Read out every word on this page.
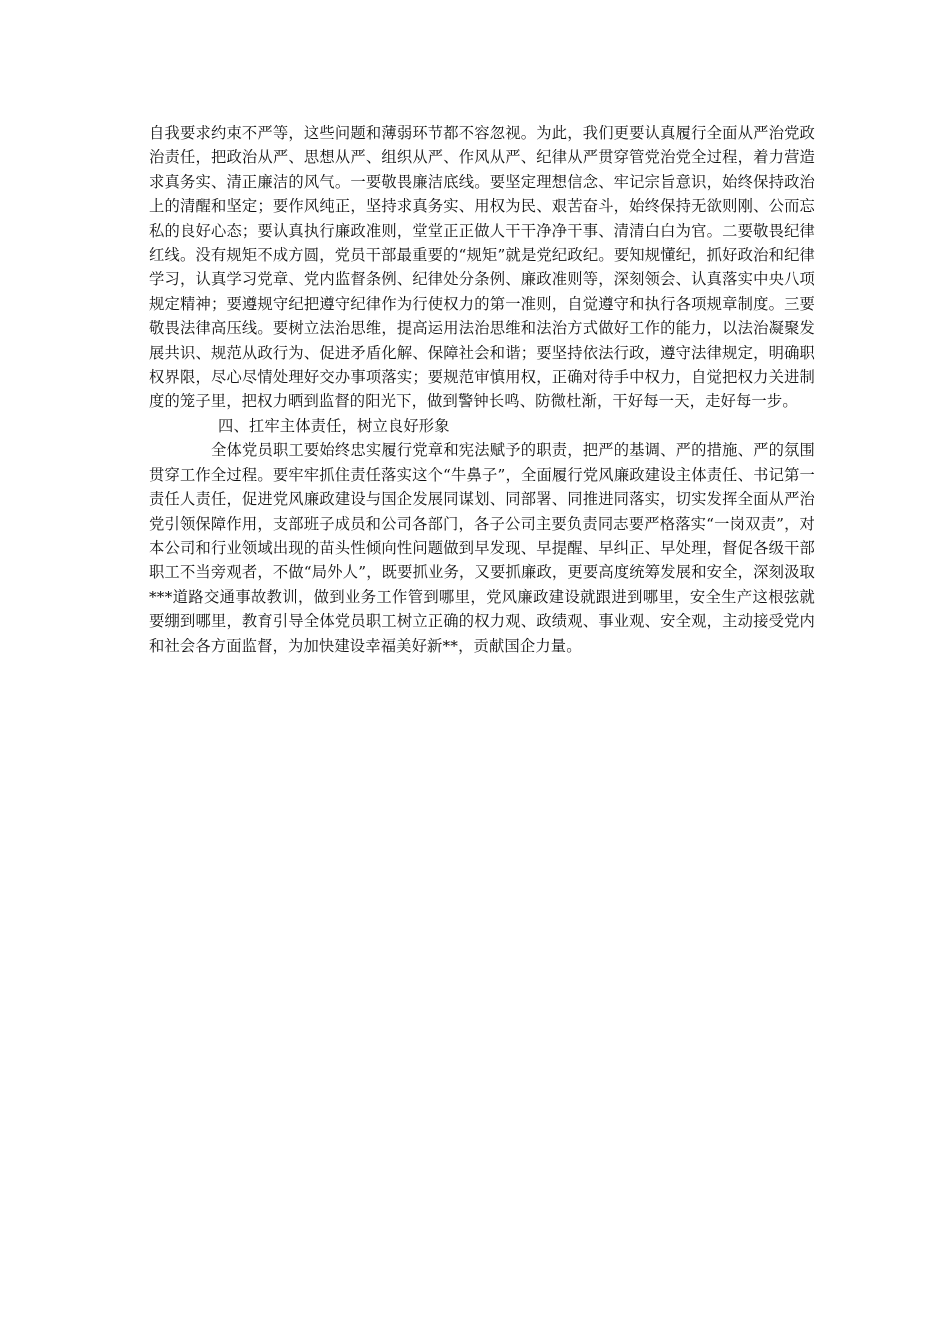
自我要求约束不严等，这些问题和薄弱环节都不容忽视。为此，我们更要认真履行全面从严治党政治责任，把政治从严、思想从严、组织从严、作风从严、纪律从严贯穿管党治党全过程，着力营造求真务实、清正廉洁的风气。一要敬畏廉洁底线。要坚定理想信念、牢记宗旨意识，始终保持政治上的清醒和坚定；要作风纯正，坚持求真务实、用权为民、艰苦奋斗，始终保持无欲则刚、公而忘私的良好心态；要认真执行廉政准则，堂堂正正做人干干净净干事、清清白白为官。二要敬畏纪律红线。没有规矩不成方圆，党员干部最重要的“规矩”就是党纪政纪。要知规懂纪，抓好政治和纪律学习，认真学习党章、党内监督条例、纪律处分条例、廉政准则等，深刻领会、认真落实中央八项规定精神；要遵规守纪把遵守纪律作为行使权力的第一准则，自觉遵守和执行各项规章制度。三要敬畏法律高压线。要树立法治思维，提高运用法治思维和法治方式做好工作的能力，以法治凝聚发展共识、规范从政行为、促进矛盾化解、保障社会和谐；要坚持依法行政，遵守法律规定，明确职权界限，尽心尽情处理好交办事项落实；要规范审慎用权，正确对待手中权力，自觉把权力关进制度的笼子里，把权力晒到监督的阳光下，做到警钟长鸣、防微杜渐，干好每一天，走好每一步。

四、扛牢主体责任，树立良好形象

全体党员职工要始终忠实履行党章和宪法赋予的职责，把严的基调、严的措施、严的氛围贯穿工作全过程。要牢牢抓住责任落实这个“牛鼻子”，全面履行党风廉政建设主体责任、书记第一责任人责任，促进党风廉政建设与国企发展同谋划、同部署、同推进同落实，切实发挥全面从严治党引领保障作用，支部班子成员和公司各部门，各子公司主要负责同志要严格落实“一岗双责”，对本公司和行业领域出现的苗头性倾向性问题做到早发现、早提醒、早纠正、早处理，督促各级干部职工不当旁观者，不做“局外人”，既要抓业务，又要抓廉政，更要高度统筹发展和安全，深刻汲取***道路交通事故教训，做到业务工作管到哪里，党风廉政建设就跟进到哪里，安全生产这根弦就要绷到哪里，教育引导全体党员职工树立正确的权力观、政绩观、事业观、安全观，主动接受党内和社会各方面监督，为加快建设幸福美好新**，贡献国企力量。
